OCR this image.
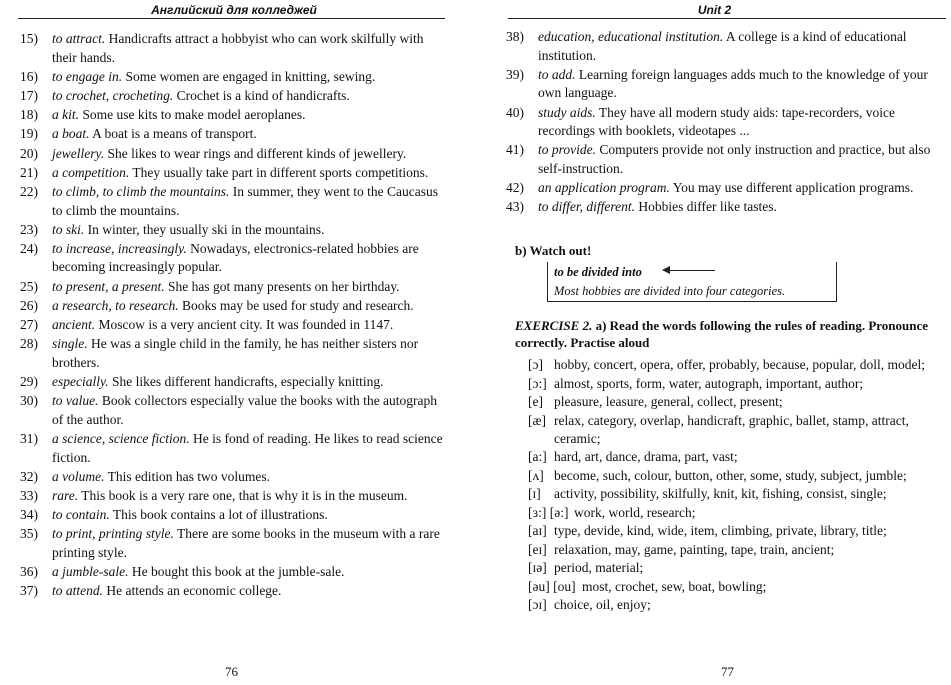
Английский для колледжей
15) to attract. Handicrafts attract a hobbyist who can work skilfully with their hands.
16) to engage in. Some women are engaged in knitting, sewing.
17) to crochet, crocheting. Crochet is a kind of handicrafts.
18) a kit. Some use kits to make model aeroplanes.
19) a boat. A boat is a means of transport.
20) jewellery. She likes to wear rings and different kinds of jewellery.
21) a competition. They usually take part in different sports competitions.
22) to climb, to climb the mountains. In summer, they went to the Caucasus to climb the mountains.
23) to ski. In winter, they usually ski in the mountains.
24) to increase, increasingly. Nowadays, electronics-related hobbies are becoming increasingly popular.
25) to present, a present. She has got many presents on her birthday.
26) a research, to research. Books may be used for study and research.
27) ancient. Moscow is a very ancient city. It was founded in 1147.
28) single. He was a single child in the family, he has neither sisters nor brothers.
29) especially. She likes different handicrafts, especially knitting.
30) to value. Book collectors especially value the books with the autograph of the author.
31) a science, science fiction. He is fond of reading. He likes to read science fiction.
32) a volume. This edition has two volumes.
33) rare. This book is a very rare one, that is why it is in the museum.
34) to contain. This book contains a lot of illustrations.
35) to print, printing style. There are some books in the museum with a rare printing style.
36) a jumble-sale. He bought this book at the jumble-sale.
37) to attend. He attends an economic college.
76
Unit 2
38) education, educational institution. A college is a kind of educational institution.
39) to add. Learning foreign languages adds much to the knowledge of your own language.
40) study aids. They have all modern study aids: tape-recorders, voice recordings with booklets, videotapes ...
41) to provide. Computers provide not only instruction and practice, but also self-instruction.
42) an application program. You may use different application programs.
43) to differ, different. Hobbies differ like tastes.
b) Watch out!
to be divided into
Most hobbies are divided into four categories.
EXERCISE 2. a) Read the words following the rules of reading. Pronounce correctly. Practise aloud
[ɔ] hobby, concert, opera, offer, probably, because, popular, doll, model;
[ɔ:] almost, sports, form, water, autograph, important, author;
[e] pleasure, leasure, general, collect, present;
[æ] relax, category, overlap, handicraft, graphic, ballet, stamp, attract, ceramic;
[a:] hard, art, dance, drama, part, vast;
[ʌ] become, such, colour, button, other, some, study, subject, jumble;
[ɪ] activity, possibility, skilfully, knit, kit, fishing, consist, single;
[ɜ:] [ə:] work, world, research;
[aɪ] type, devide, kind, wide, item, climbing, private, library, title;
[eɪ] relaxation, may, game, painting, tape, train, ancient;
[ɪə] period, material;
[əu] [ou] most, crochet, sew, boat, bowling;
[ɔɪ] choice, oil, enjoy;
77
